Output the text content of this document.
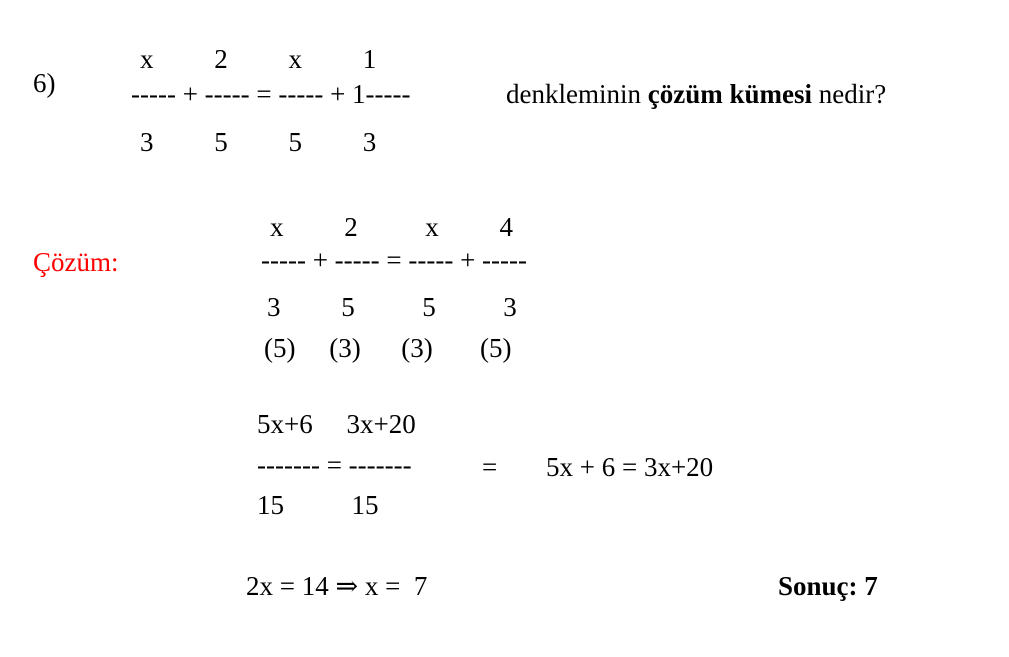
6)
x         2         x         1
----- + ----- = ----- + 1-----
3         5         5         3
denkleminin çözüm kümesi nedir?
Çözüm:
x         2          x         4
----- + ----- = ----- + -----
3         5          5          3
(5)     (3)      (3)       (5)
5x+6     3x+20
------- = -------	= 5x + 6 = 3x+20
15          15
2x = 14 ⇒ x =  7	Sonuç: 7
